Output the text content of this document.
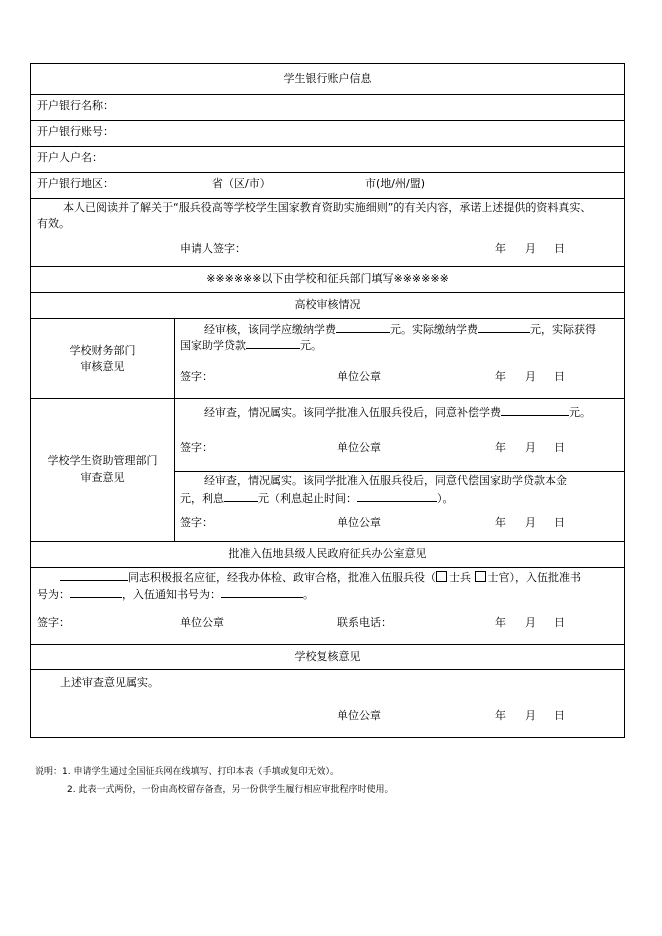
学生银行账户信息
开户银行名称：
开户银行账号：
开户人户名：
开户银行地区：	省（区/市）	市(地/州/盟)
本人已阅读并了解关于“服兵役高等学校学生国家教育资助实施细则”的有关内容，承诺上述提供的资料真实、
有效。
申请人签字：	年 月 日
※※※※※※以下由学校和征兵部门填写※※※※※※
高校审核情况
学校财务部门
审核意见
经审核，该同学应缴纳学费	元。实际缴纳学费	元，实际获得
国家助学贷款	元。
签字：	单位公章	年 月 日
学校学生资助管理部门
审查意见
经审查，情况属实。该同学批准入伍服兵役后，同意补偿学费	元。
签字：	单位公章	年 月 日
经审查，情况属实。该同学批准入伍服兵役后，同意代偿国家助学贷款本金
元，利息	元（利息起止时间：	）。
签字：	单位公章	年 月 日
批准入伍地县级人民政府征兵办公室意见
同志积极报名应征，经我办体检、政审合格，批准入伍服兵役（ 士兵 士官），入伍批准书
号为：	，入伍通知书号为：	。
签字：	单位公章	联系电话：	年 月 日
学校复核意见
上述审查意见属实。
单位公章	年 月 日
说明：1. 申请学生通过全国征兵网在线填写、打印本表（手填或复印无效）。
2. 此表一式两份，一份由高校留存备查，另一份供学生履行相应审批程序时使用。
